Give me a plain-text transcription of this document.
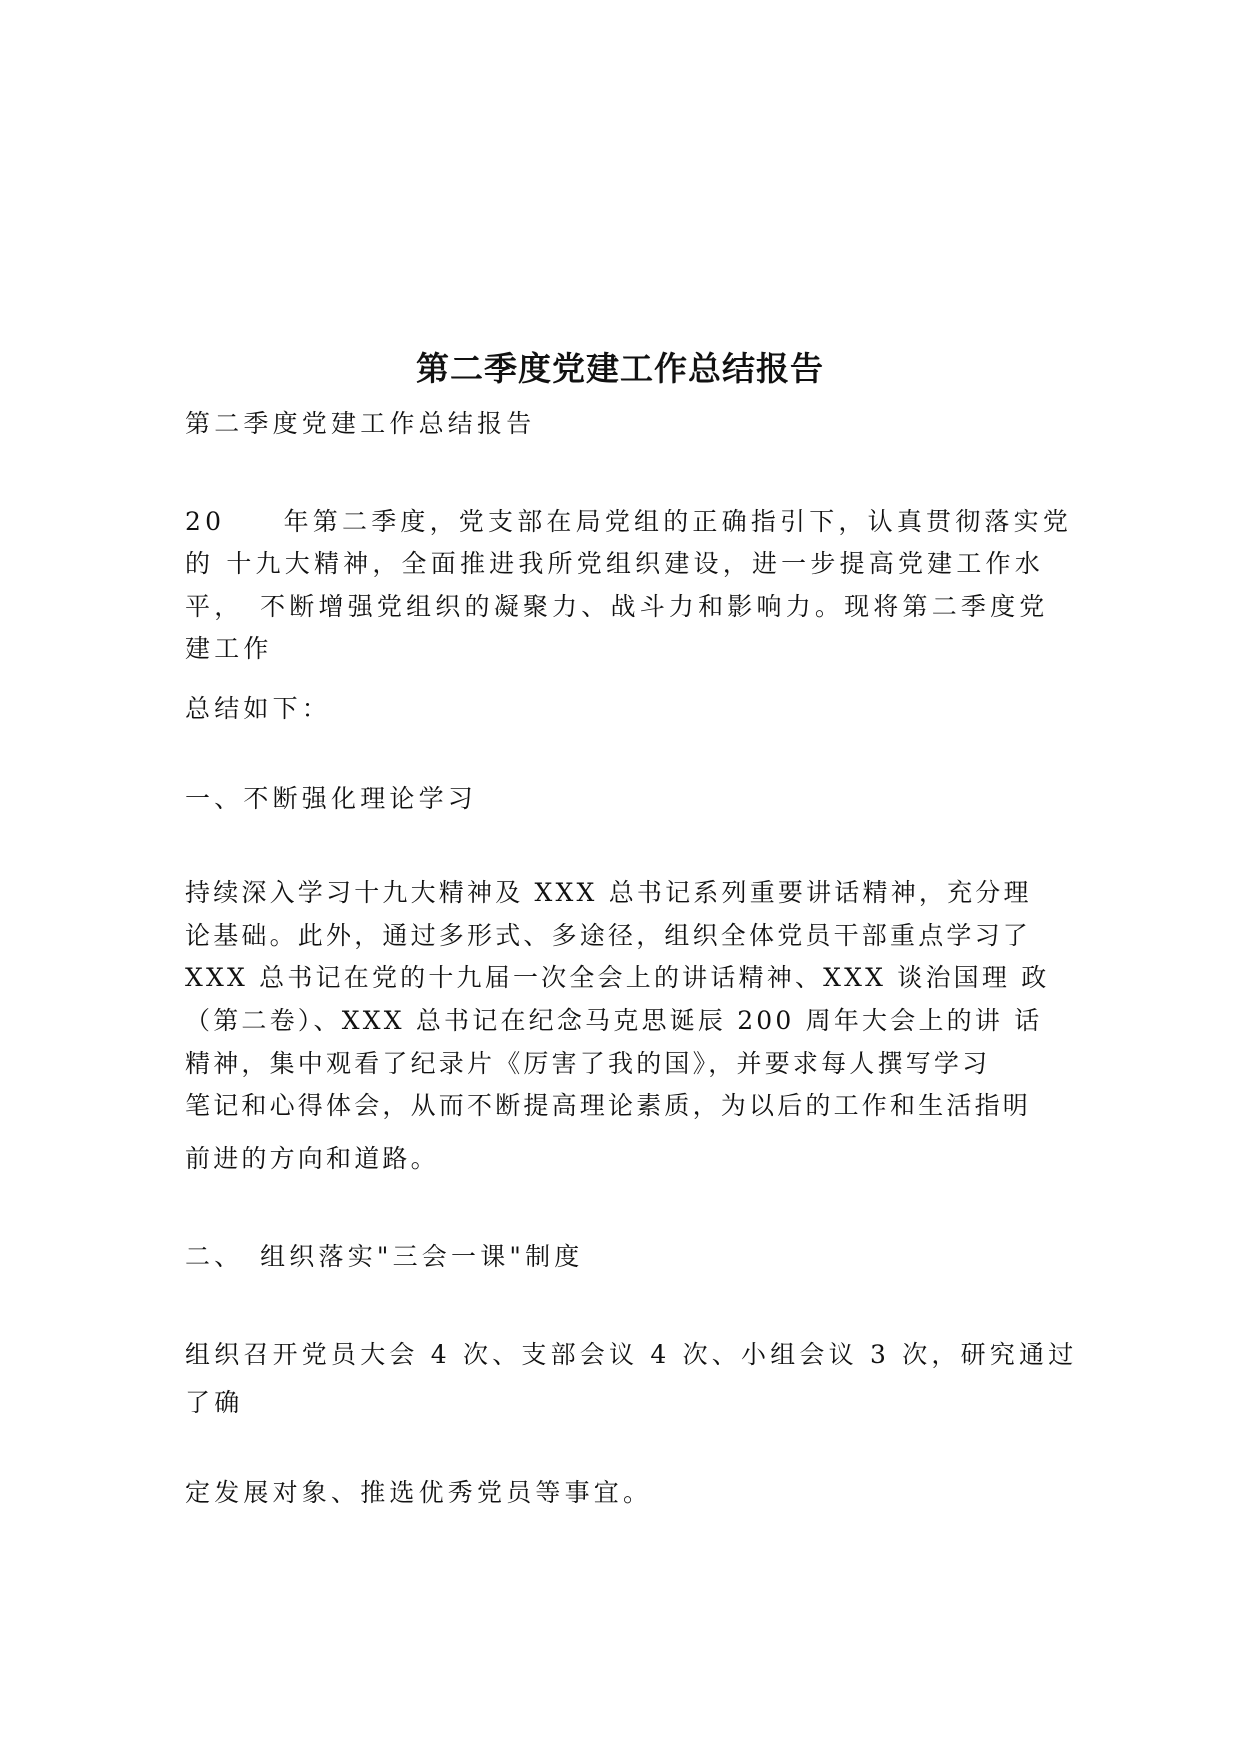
第二季度党建工作总结报告
第二季度党建工作总结报告
20　　年第二季度，党支部在局党组的正确指引下，认真贯彻落实党
的 十九大精神，全面推进我所党组织建设，进一步提高党建工作水
平，　不断增强党组织的凝聚力、战斗力和影响力。现将第二季度党
建工作
总结如下：
一、不断强化理论学习
持续深入学习十九大精神及 XXX 总书记系列重要讲话精神，充分理
论基础。此外，通过多形式、多途径，组织全体党员干部重点学习了
XXX 总书记在党的十九届一次全会上的讲话精神、XXX 谈治国理 政
（第二卷）、XXX 总书记在纪念马克思诞辰 200 周年大会上的讲 话
精神，集中观看了纪录片《厉害了我的国》，并要求每人撰写学习
笔记和心得体会，从而不断提高理论素质，为以后的工作和生活指明
前进的方向和道路。
二、　组织落实"三会一课"制度
组织召开党员大会 4 次、支部会议 4 次、小组会议 3 次，研究通过
了确
定发展对象、推选优秀党员等事宜。
